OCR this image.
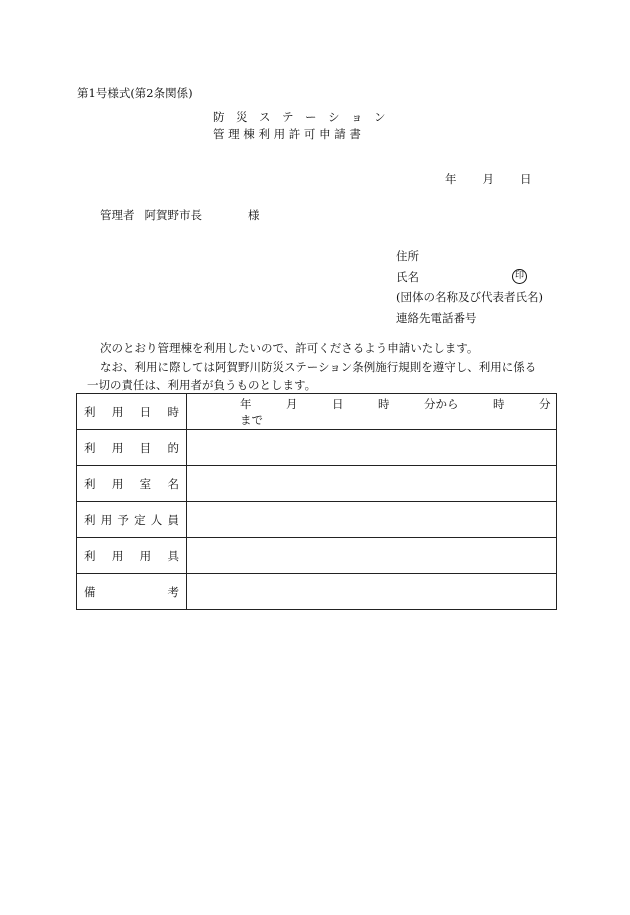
第1号様式(第2条関係)
防　災　ス　テ　ー　シ　ョ　ン
管 理 棟 利 用 許 可 申 請 書
年 月 日
管理者 阿賀野市長	様
住所
氏名	印
(団体の名称及び代表者氏名)
連絡先電話番号

次のとおり管理棟を利用したいので、許可くださるよう申請いたします。

なお、利用に際しては阿賀野川防災ステーション条例施行規則を遵守し、利用に係る

一切の責任は、利用者が負うものとします。

利用日時	年　　　月　　　日　　　時　　　分から　　　時　　　分まで

利用目的	

利用室名	

利用予定人員	

利用用具	

備考	
